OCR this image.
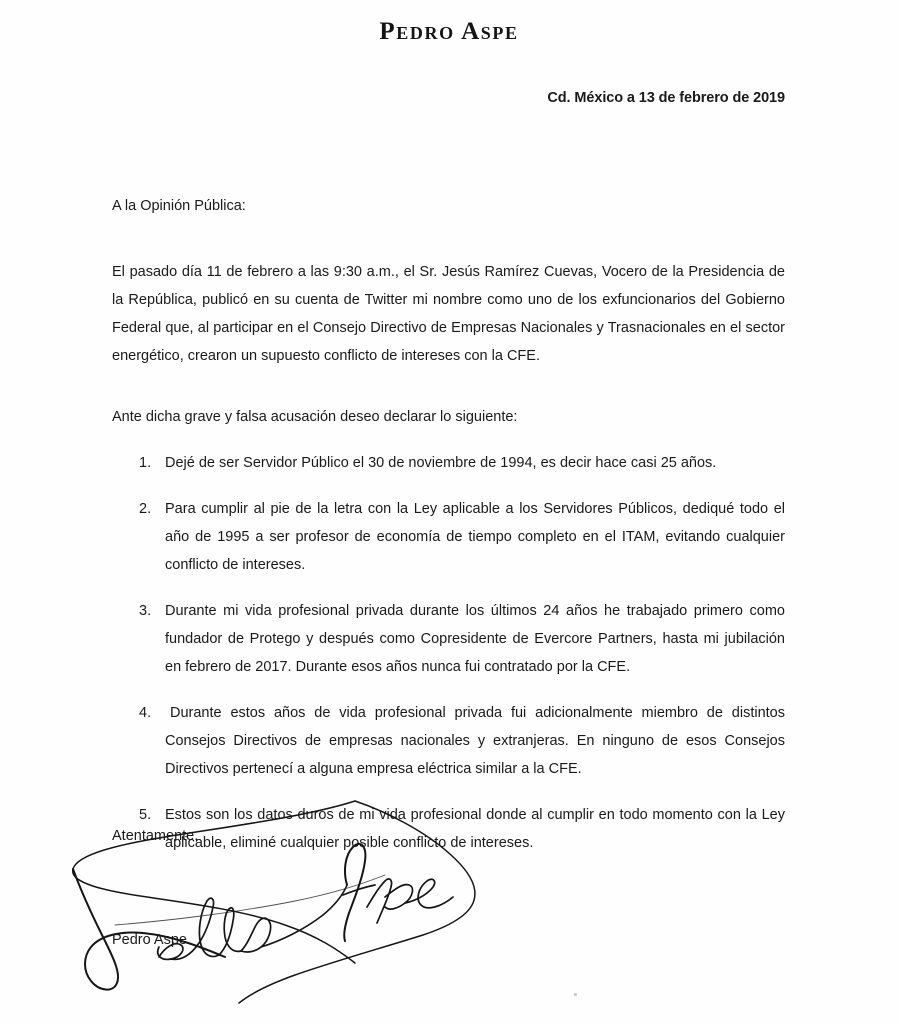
Pedro Aspe
Cd. México a 13 de febrero de 2019

A la Opinión Pública:

El pasado día 11 de febrero a las 9:30 a.m., el Sr. Jesús Ramírez Cuevas, Vocero de la Presidencia de la República, publicó en su cuenta de Twitter mi nombre como uno de los exfuncionarios del Gobierno Federal que, al participar en el Consejo Directivo de Empresas Nacionales y Trasnacionales en el sector energético, crearon un supuesto conflicto de intereses con la CFE.

Ante dicha grave y falsa acusación deseo declarar lo siguiente:

1. Dejé de ser Servidor Público el 30 de noviembre de 1994, es decir hace casi 25 años.
2. Para cumplir al pie de la letra con la Ley aplicable a los Servidores Públicos, dediqué todo el año de 1995 a ser profesor de economía de tiempo completo en el ITAM, evitando cualquier conflicto de intereses.
3. Durante mi vida profesional privada durante los últimos 24 años he trabajado primero como fundador de Protego y después como Copresidente de Evercore Partners, hasta mi jubilación en febrero de 2017. Durante esos años nunca fui contratado por la CFE.
4.	Durante estos años de vida profesional privada fui adicionalmente miembro de distintos Consejos Directivos de empresas nacionales y extranjeras. En ninguno de esos Consejos Directivos pertenecí a alguna empresa eléctrica similar a la CFE.
5. Estos son los datos duros de mi vida profesional donde al cumplir en todo momento con la Ley aplicable, eliminé cualquier posible conflicto de intereses.
Atentamente,
Pedro Aspe
